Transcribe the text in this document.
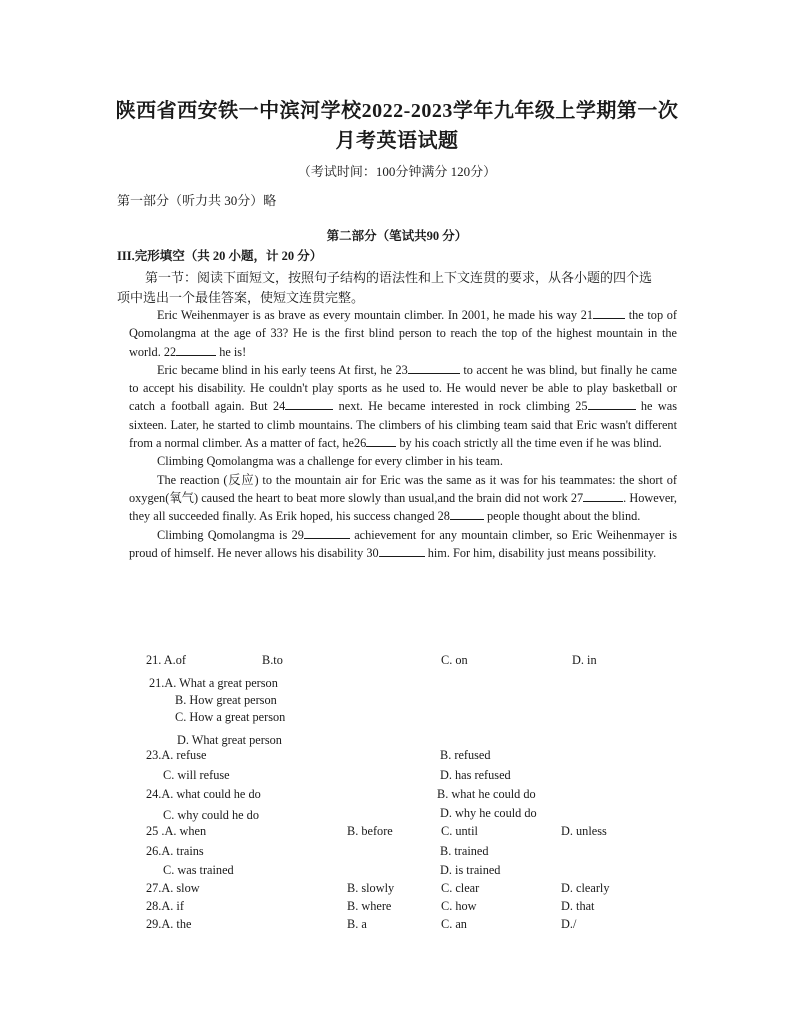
陕西省西安铁一中滨河学校2022-2023学年九年级上学期第一次
月考英语试题
（考试时间：100分钟满分 120分）
第一部分（听力共 30分）略
第二部分（笔试共90 分）
III.完形填空（共 20 小题，计 20 分）
第一节：阅读下面短文，按照句子结构的语法性和上下文连贯的要求，从各小题的四个选
项中选出一个最佳答案，使短文连贯完整。

Eric Weihenmayer is as brave as every mountain climber. In 2001, he made his way 21	the top of Qomolangma at the age of 33? He is the first blind person to reach the top of the highest mountain in the world. 22	he is!

Eric became blind in his early teens At first, he 23	to accent he was blind, but finally he came to accept his disability. He couldn't play sports as he used to. He would never be able to play basketball or catch a football again. But 24	next. He became interested in rock climbing 25	he was sixteen. Later, he started to climb mountains. The climbers of his climbing team said that Eric wasn't different from a normal climber. As a matter of fact, he26 by his coach strictly all the time even if he was blind.

Climbing Qomolangma was a challenge for every climber in his team.

The reaction (反应) to the mountain air for Eric was the same as it was for his teammates: the short of oxygen(氧气) caused the heart to beat more slowly than usual,and the brain did not work 27	. However, they all succeeded finally. As Erik hoped, his success changed 28	people thought about the blind.

Climbing Qomolangma is 29	achievement for any mountain climber, so Eric Weihenmayer is proud of himself. He never allows his disability 30	him. For him, disability just means possibility.

21. A.of	B.to	C. on	D. in
21.A. What a great person
B. How great person
C. How a great person
D. What great person
23.A. refuse	B. refused
C. will refuse	D. has refused
24.A. what could he do	B. what he could do
C. why could he do	D. why he could do
25 .A. when	B. before	C. until	D. unless
26.A. trains	B. trained
C. was trained	D. is trained
27.A. slow	B. slowly	C. clear	D. clearly
28.A. if	B. where	C. how	D. that
29.A. the	B. a	C. an	D./
